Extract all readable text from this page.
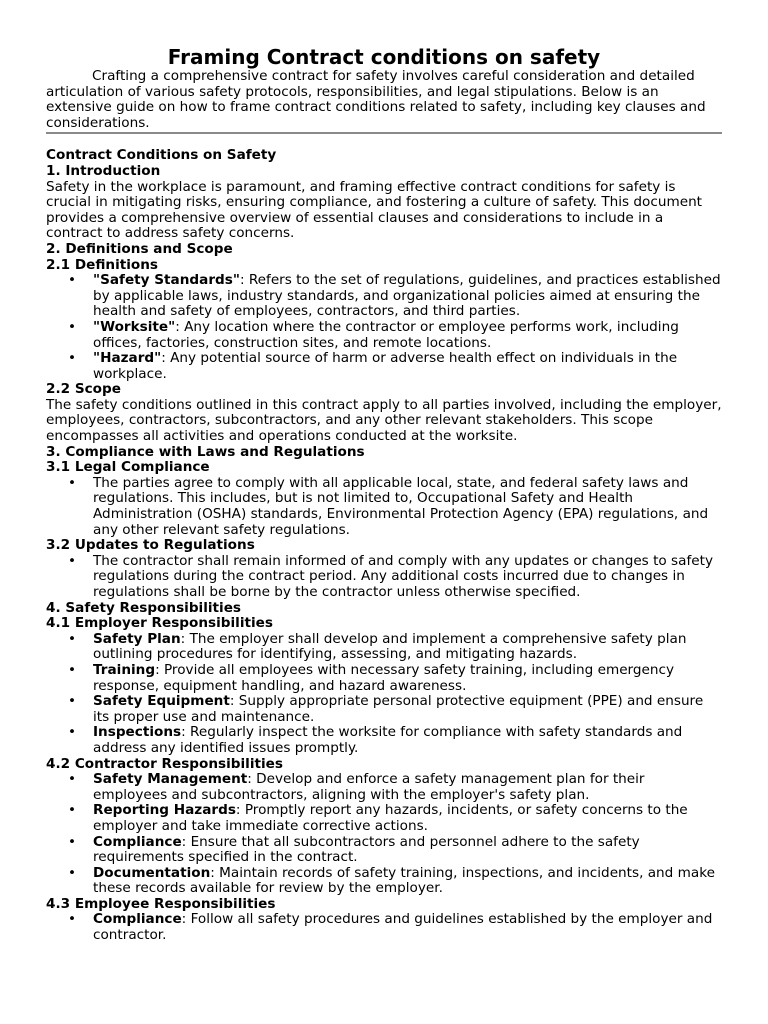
Framing Contract conditions on safety

Crafting a comprehensive contract for safety involves careful consideration and detailed articulation of various safety protocols, responsibilities, and legal stipulations. Below is an extensive guide on how to frame contract conditions related to safety, including key clauses and considerations.

Contract Conditions on Safety
1. Introduction

Safety in the workplace is paramount, and framing effective contract conditions for safety is crucial in mitigating risks, ensuring compliance, and fostering a culture of safety. This document provides a comprehensive overview of essential clauses and considerations to include in a contract to address safety concerns.

2. Definitions and Scope
2.1 Definitions
• "Safety Standards": Refers to the set of regulations, guidelines, and practices established by applicable laws, industry standards, and organizational policies aimed at ensuring the health and safety of employees, contractors, and third parties.
• "Worksite": Any location where the contractor or employee performs work, including offices, factories, construction sites, and remote locations.
• "Hazard": Any potential source of harm or adverse health effect on individuals in the workplace.
2.2 Scope

The safety conditions outlined in this contract apply to all parties involved, including the employer, employees, contractors, subcontractors, and any other relevant stakeholders. This scope encompasses all activities and operations conducted at the worksite.

3. Compliance with Laws and Regulations
3.1 Legal Compliance
• The parties agree to comply with all applicable local, state, and federal safety laws and regulations. This includes, but is not limited to, Occupational Safety and Health Administration (OSHA) standards, Environmental Protection Agency (EPA) regulations, and any other relevant safety regulations.
3.2 Updates to Regulations
• The contractor shall remain informed of and comply with any updates or changes to safety regulations during the contract period. Any additional costs incurred due to changes in regulations shall be borne by the contractor unless otherwise specified.
4. Safety Responsibilities
4.1 Employer Responsibilities
• Safety Plan: The employer shall develop and implement a comprehensive safety plan outlining procedures for identifying, assessing, and mitigating hazards.
• Training: Provide all employees with necessary safety training, including emergency response, equipment handling, and hazard awareness.
• Safety Equipment: Supply appropriate personal protective equipment (PPE) and ensure its proper use and maintenance.
• Inspections: Regularly inspect the worksite for compliance with safety standards and address any identified issues promptly.
4.2 Contractor Responsibilities
• Safety Management: Develop and enforce a safety management plan for their employees and subcontractors, aligning with the employer's safety plan.
• Reporting Hazards: Promptly report any hazards, incidents, or safety concerns to the employer and take immediate corrective actions.
• Compliance: Ensure that all subcontractors and personnel adhere to the safety requirements specified in the contract.
• Documentation: Maintain records of safety training, inspections, and incidents, and make these records available for review by the employer.
4.3 Employee Responsibilities
• Compliance: Follow all safety procedures and guidelines established by the employer and contractor.
